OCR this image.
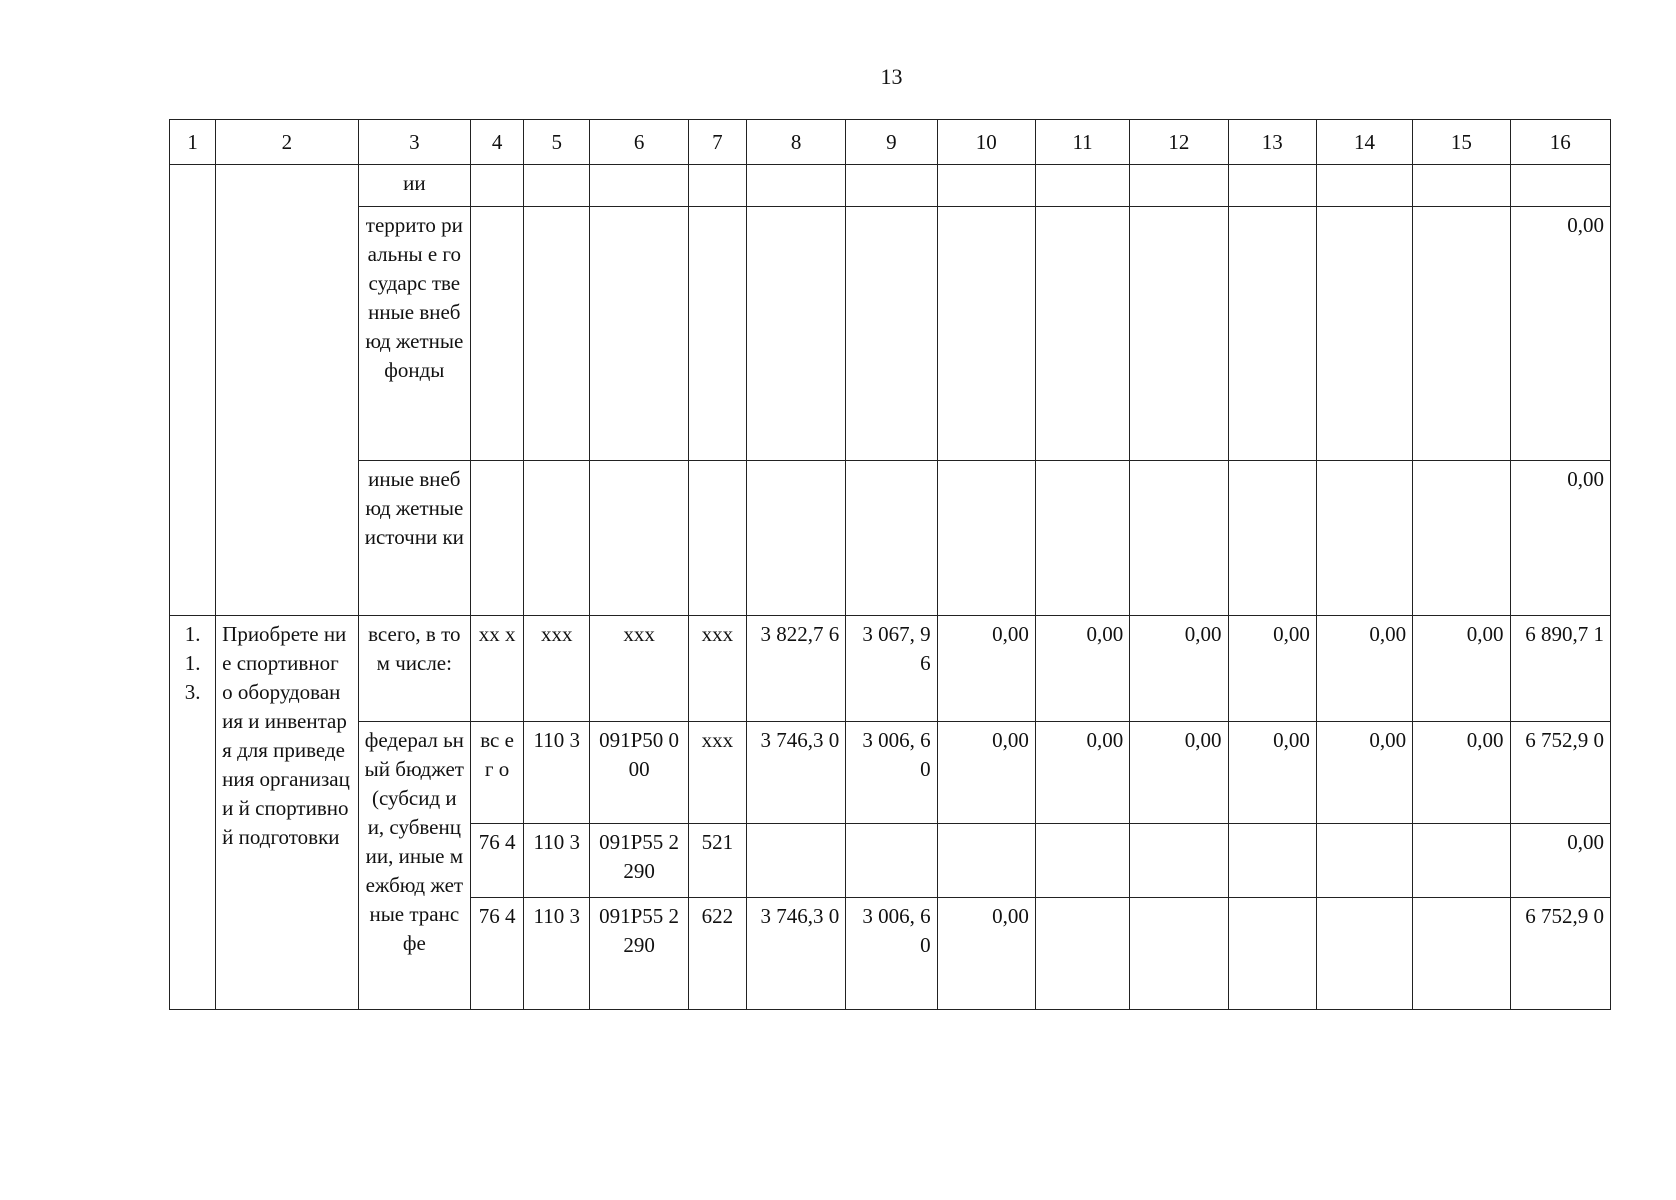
13
1	2	3	4	5	6	7	8	9	10	11	12	13	14	15	16
		ии													
		террито риальны е государс твенные внебюд жетные фонды													0,00
		иные внебюд жетные источни ки													0,00
1. 1. 3.	Приобрете ние спортивног о оборудован ия и инвентаря для приведения организаци й спортивной подготовки	всего, в том числе:	хх х	ххх	ххх	ххх	3 822,7 6	3 067, 96	0,00	0,00	0,00	0,00	0,00	0,00	6 890,7 1
		федерал ьный бюджет (субсид ии, субвенц ии, иные межбюд жетные трансфе	вс ег о	110 3	091Р50 000	ххх	3 746,3 0	3 006, 60	0,00	0,00	0,00	0,00	0,00	0,00	6 752,9 0
			76 4	110 3	091Р55 2290	521									0,00
			76 4	110 3	091Р55 2290	622	3 746,3 0	3 006, 60	0,00						6 752,9 0
